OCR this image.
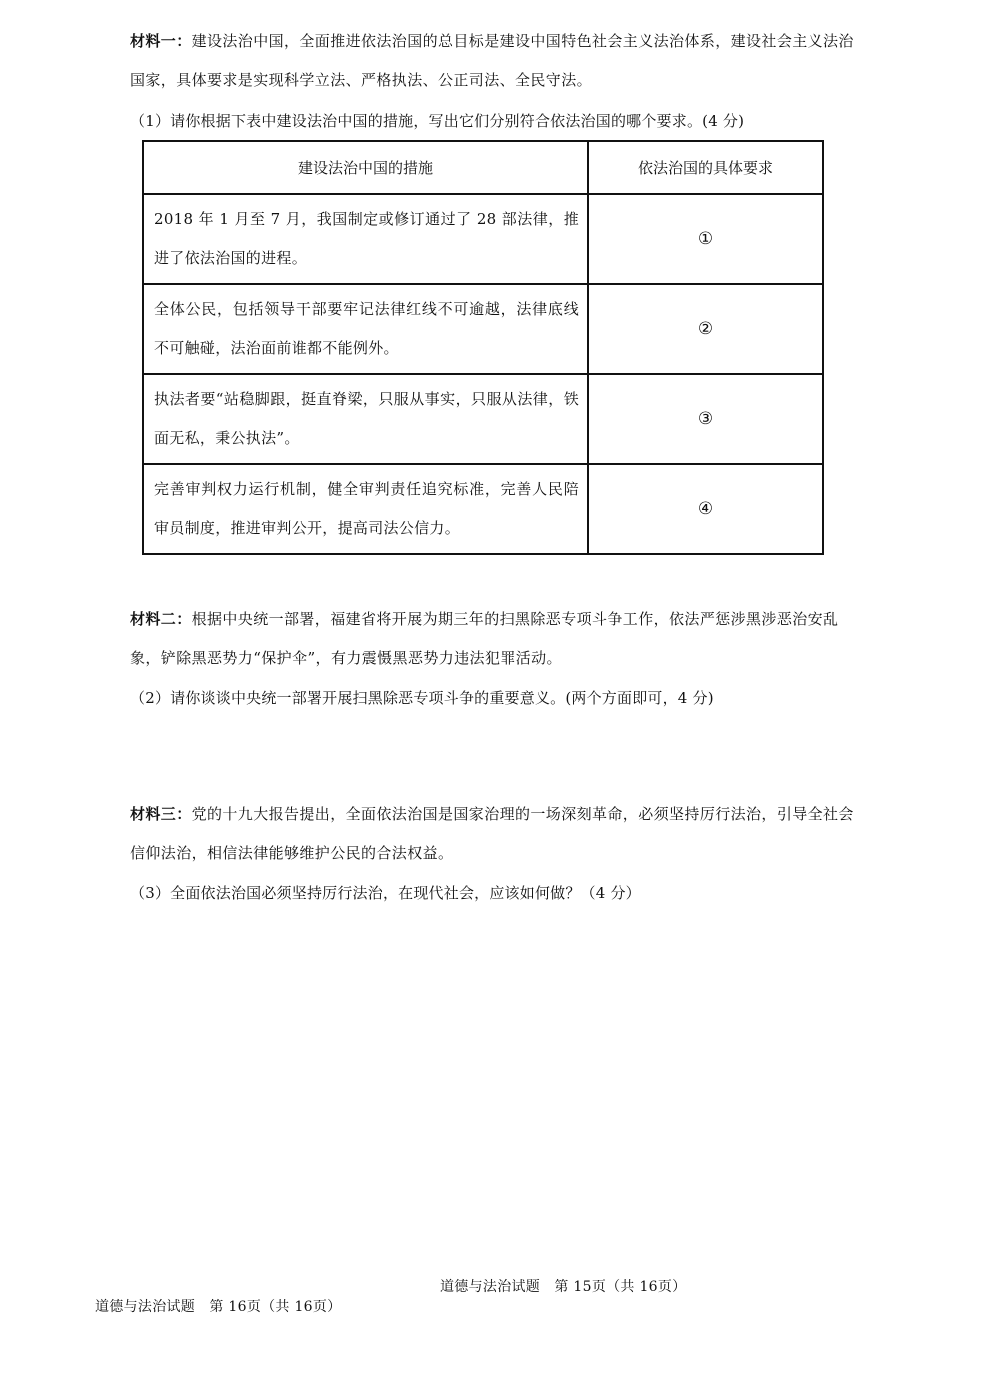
材料一：建设法治中国，全面推进依法治国的总目标是建设中国特色社会主义法治体系，建设社会主义法治国家，具体要求是实现科学立法、严格执法、公正司法、全民守法。

（1）请你根据下表中建设法治中国的措施，写出它们分别符合依法治国的哪个要求。(4 分)

建设法治中国的措施	依法治国的具体要求
2018 年 1 月至 7 月，我国制定或修订通过了 28 部法律，推进了依法治国的进程。	①
全体公民，包括领导干部要牢记法律红线不可逾越，法律底线不可触碰，法治面前谁都不能例外。	②
执法者要“站稳脚跟，挺直脊梁，只服从事实，只服从法律，铁面无私，秉公执法”。	③
完善审判权力运行机制，健全审判责任追究标准，完善人民陪审员制度，推进审判公开，提高司法公信力。	④

材料二：根据中央统一部署，福建省将开展为期三年的扫黑除恶专项斗争工作，依法严惩涉黑涉恶治安乱象，铲除黑恶势力“保护伞”，有力震慑黑恶势力违法犯罪活动。

（2）请你谈谈中央统一部署开展扫黑除恶专项斗争的重要意义。(两个方面即可，4 分)

材料三：党的十九大报告提出，全面依法治国是国家治理的一场深刻革命，必须坚持厉行法治，引导全社会信仰法治，相信法律能够维护公民的合法权益。

（3）全面依法治国必须坚持厉行法治，在现代社会，应该如何做？（4 分）

道德与法治试题   第 15页（共 16页）
道德与法治试题   第 16页（共 16页）
